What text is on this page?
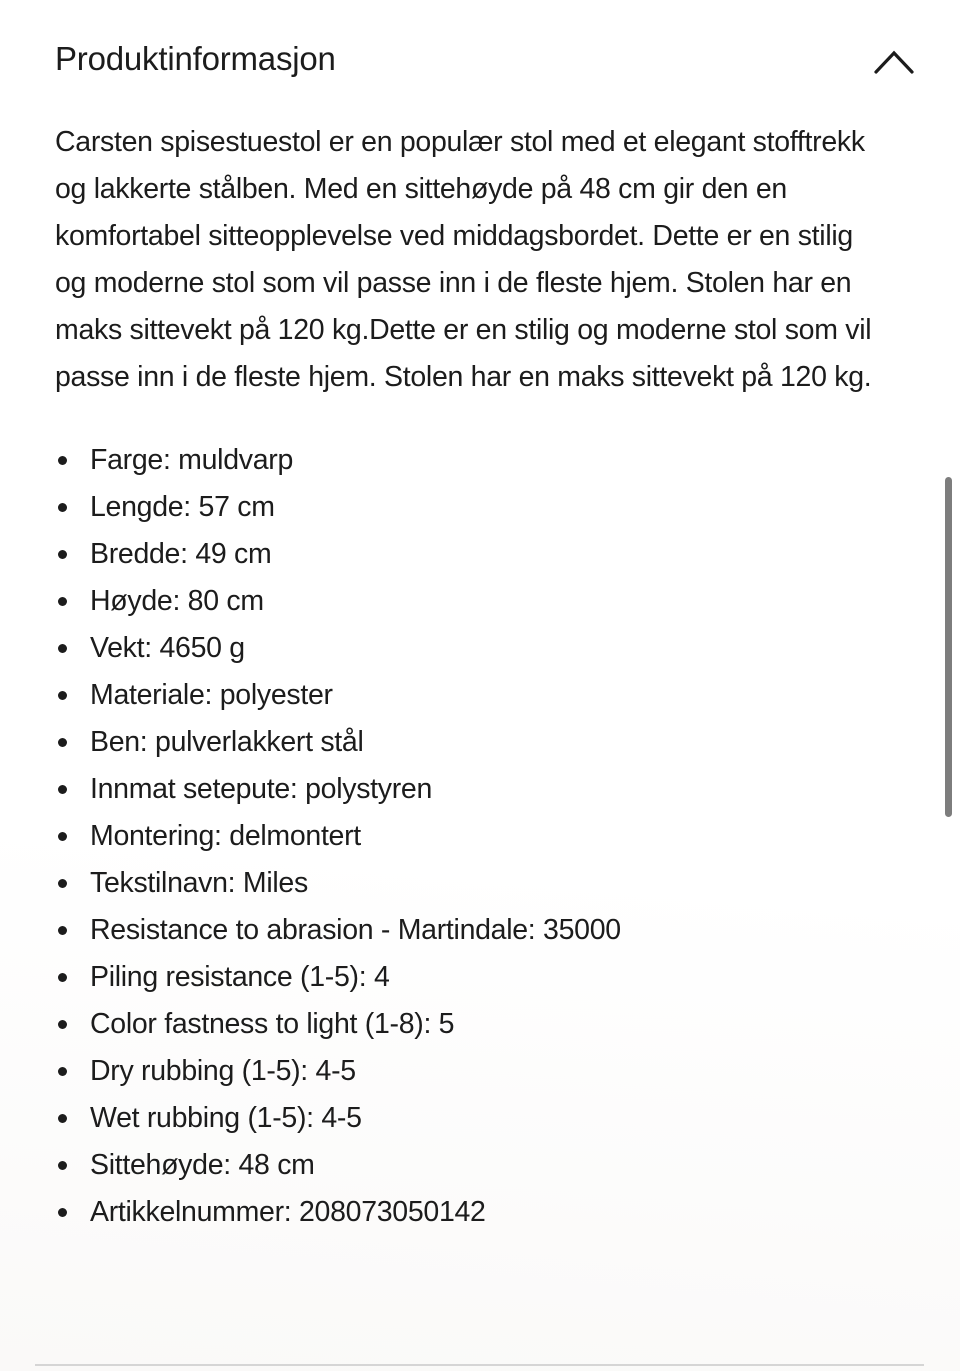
Produktinformasjon

Carsten spisestuestol er en populær stol med et elegant stofftrekk og lakkerte stålben. Med en sittehøyde på 48 cm gir den en komfortabel sitteopplevelse ved middagsbordet. Dette er en stilig og moderne stol som vil passe inn i de fleste hjem. Stolen har en maks sittevekt på 120 kg.Dette er en stilig og moderne stol som vil passe inn i de fleste hjem. Stolen har en maks sittevekt på 120 kg.

Farge: muldvarp
Lengde: 57 cm
Bredde: 49 cm
Høyde: 80 cm
Vekt: 4650 g
Materiale: polyester
Ben: pulverlakkert stål
Innmat setepute: polystyren
Montering: delmontert
Tekstilnavn: Miles
Resistance to abrasion - Martindale: 35000
Piling resistance (1-5): 4
Color fastness to light (1-8): 5
Dry rubbing (1-5): 4-5
Wet rubbing (1-5): 4-5
Sittehøyde: 48 cm
Artikkelnummer: 208073050142
